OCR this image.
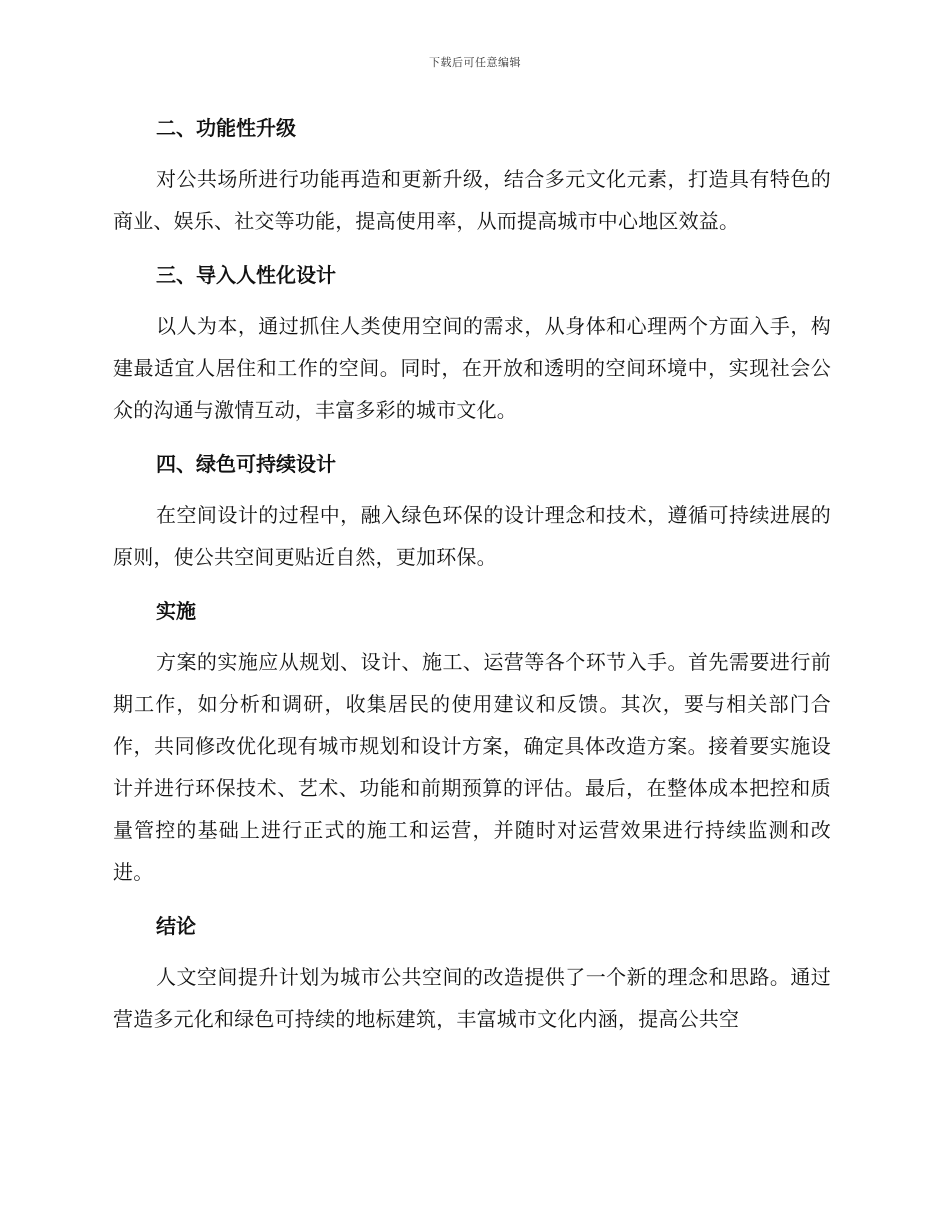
下载后可任意编辑
二、功能性升级

对公共场所进行功能再造和更新升级，结合多元文化元素，打造具有特色的商业、娱乐、社交等功能，提高使用率，从而提高城市中心地区效益。

三、导入人性化设计

以人为本，通过抓住人类使用空间的需求，从身体和心理两个方面入手，构建最适宜人居住和工作的空间。同时，在开放和透明的空间环境中，实现社会公众的沟通与激情互动，丰富多彩的城市文化。

四、绿色可持续设计

在空间设计的过程中，融入绿色环保的设计理念和技术，遵循可持续进展的原则，使公共空间更贴近自然，更加环保。

实施

方案的实施应从规划、设计、施工、运营等各个环节入手。首先需要进行前期工作，如分析和调研，收集居民的使用建议和反馈。其次，要与相关部门合作，共同修改优化现有城市规划和设计方案，确定具体改造方案。接着要实施设计并进行环保技术、艺术、功能和前期预算的评估。最后，在整体成本把控和质量管控的基础上进行正式的施工和运营，并随时对运营效果进行持续监测和改进。

结论

人文空间提升计划为城市公共空间的改造提供了一个新的理念和思路。通过营造多元化和绿色可持续的地标建筑，丰富城市文化内涵，提高公共空
